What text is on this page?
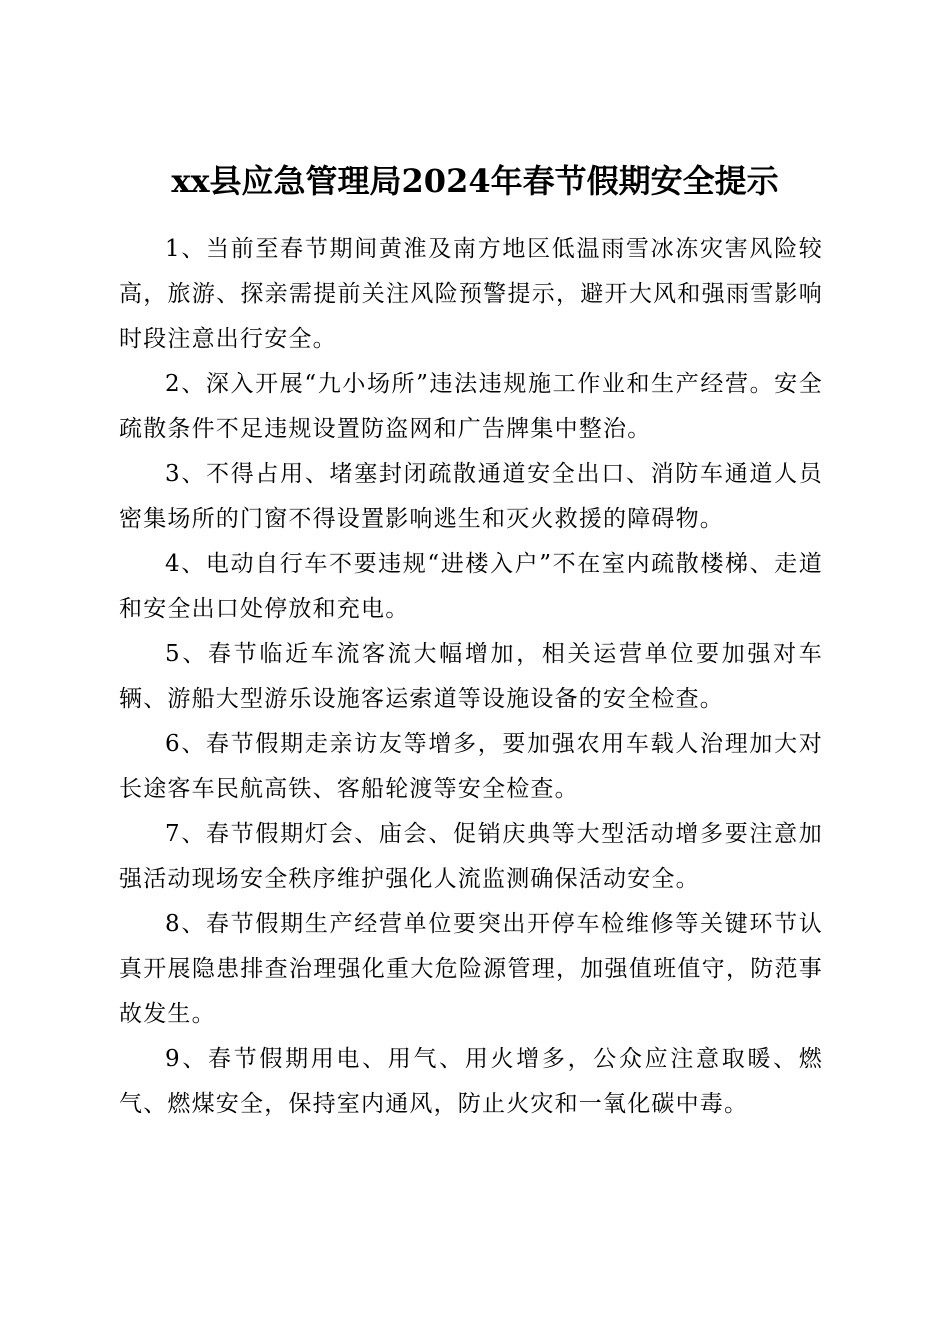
xx县应急管理局2024年春节假期安全提示

1、当前至春节期间黄淮及南方地区低温雨雪冰冻灾害风险较高，旅游、探亲需提前关注风险预警提示，避开大风和强雨雪影响时段注意出行安全。

2、深入开展“九小场所”违法违规施工作业和生产经营。安全疏散条件不足违规设置防盗网和广告牌集中整治。

3、不得占用、堵塞封闭疏散通道安全出口、消防车通道人员密集场所的门窗不得设置影响逃生和灭火救援的障碍物。

4、电动自行车不要违规“进楼入户”不在室内疏散楼梯、走道和安全出口处停放和充电。

5、春节临近车流客流大幅增加，相关运营单位要加强对车辆、游船大型游乐设施客运索道等设施设备的安全检查。

6、春节假期走亲访友等增多，要加强农用车载人治理加大对长途客车民航高铁、客船轮渡等安全检查。

7、春节假期灯会、庙会、促销庆典等大型活动增多要注意加强活动现场安全秩序维护强化人流监测确保活动安全。

8、春节假期生产经营单位要突出开停车检维修等关键环节认真开展隐患排查治理强化重大危险源管理，加强值班值守，防范事故发生。

9、春节假期用电、用气、用火增多，公众应注意取暖、燃气、燃煤安全，保持室内通风，防止火灾和一氧化碳中毒。
